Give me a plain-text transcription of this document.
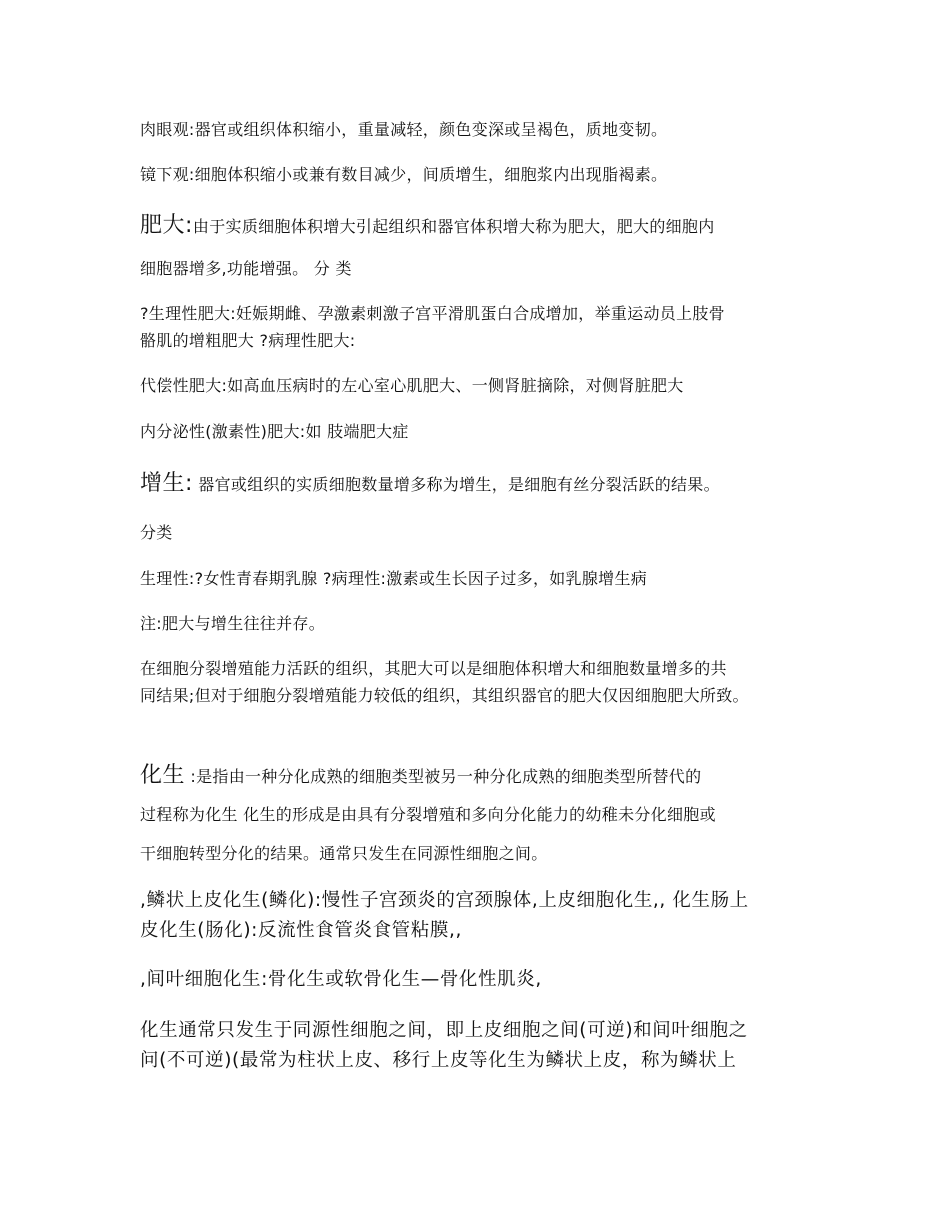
肉眼观:器官或组织体积缩小，重量减轻，颜色变深或呈褐色，质地变韧。
镜下观:细胞体积缩小或兼有数目减少，间质增生，细胞浆内出现脂褐素。
肥大:由于实质细胞体积增大引起组织和器官体积增大称为肥大，肥大的细胞内
细胞器增多,功能增强。 分 类
?生理性肥大:妊娠期雌、孕激素刺激子宫平滑肌蛋白合成增加，举重运动员上肢骨
骼肌的增粗肥大 ?病理性肥大:
代偿性肥大:如高血压病时的左心室心肌肥大、一侧肾脏摘除，对侧肾脏肥大
内分泌性(激素性)肥大:如 肢端肥大症
增生: 器官或组织的实质细胞数量增多称为增生，是细胞有丝分裂活跃的结果。
分类
生理性:?女性青春期乳腺 ?病理性:激素或生长因子过多，如乳腺增生病
注:肥大与增生往往并存。
在细胞分裂增殖能力活跃的组织，其肥大可以是细胞体积增大和细胞数量增多的共
同结果;但对于细胞分裂增殖能力较低的组织，其组织器官的肥大仅因细胞肥大所致。
化生 :是指由一种分化成熟的细胞类型被另一种分化成熟的细胞类型所替代的
过程称为化生 化生的形成是由具有分裂增殖和多向分化能力的幼稚未分化细胞或
干细胞转型分化的结果。通常只发生在同源性细胞之间。
,鳞状上皮化生(鳞化):慢性子宫颈炎的宫颈腺体,上皮细胞化生,, 化生肠上
皮化生(肠化):反流性食管炎食管粘膜,,
,间叶细胞化生:骨化生或软骨化生—骨化性肌炎,
化生通常只发生于同源性细胞之间，即上皮细胞之间(可逆)和间叶细胞之
问(不可逆)(最常为柱状上皮、移行上皮等化生为鳞状上皮，称为鳞状上
